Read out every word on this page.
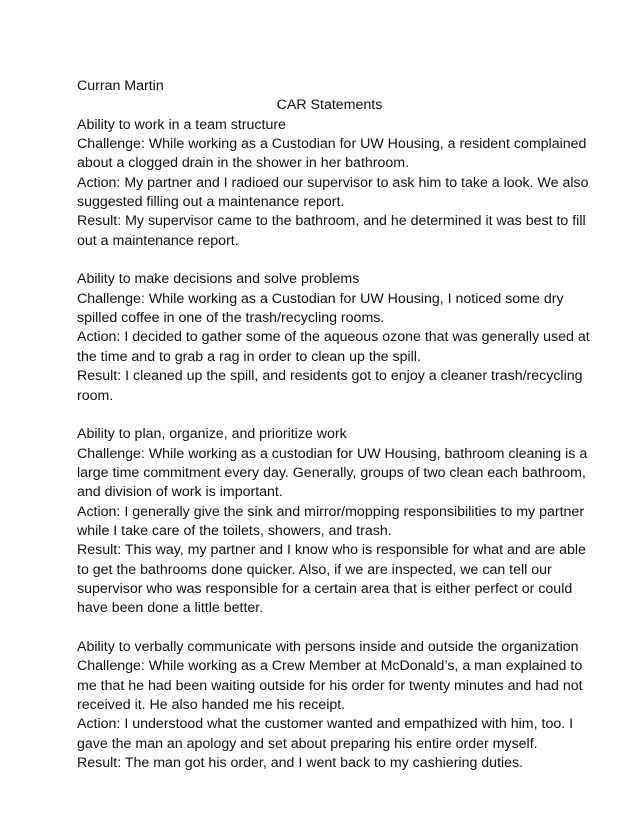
Curran Martin
CAR Statements
Ability to work in a team structure
Challenge: While working as a Custodian for UW Housing, a resident complained
about a clogged drain in the shower in her bathroom.
Action: My partner and I radioed our supervisor to ask him to take a look. We also
suggested filling out a maintenance report.
Result: My supervisor came to the bathroom, and he determined it was best to fill
out a maintenance report.
Ability to make decisions and solve problems
Challenge: While working as a Custodian for UW Housing, I noticed some dry
spilled coffee in one of the trash/recycling rooms.
Action: I decided to gather some of the aqueous ozone that was generally used at
the time and to grab a rag in order to clean up the spill.
Result: I cleaned up the spill, and residents got to enjoy a cleaner trash/recycling
room.
Ability to plan, organize, and prioritize work
Challenge: While working as a custodian for UW Housing, bathroom cleaning is a
large time commitment every day. Generally, groups of two clean each bathroom,
and division of work is important.
Action: I generally give the sink and mirror/mopping responsibilities to my partner
while I take care of the toilets, showers, and trash.
Result: This way, my partner and I know who is responsible for what and are able
to get the bathrooms done quicker. Also, if we are inspected, we can tell our
supervisor who was responsible for a certain area that is either perfect or could
have been done a little better.
Ability to verbally communicate with persons inside and outside the organization
Challenge: While working as a Crew Member at McDonald’s, a man explained to
me that he had been waiting outside for his order for twenty minutes and had not
received it. He also handed me his receipt.
Action: I understood what the customer wanted and empathized with him, too. I
gave the man an apology and set about preparing his entire order myself.
Result: The man got his order, and I went back to my cashiering duties.
